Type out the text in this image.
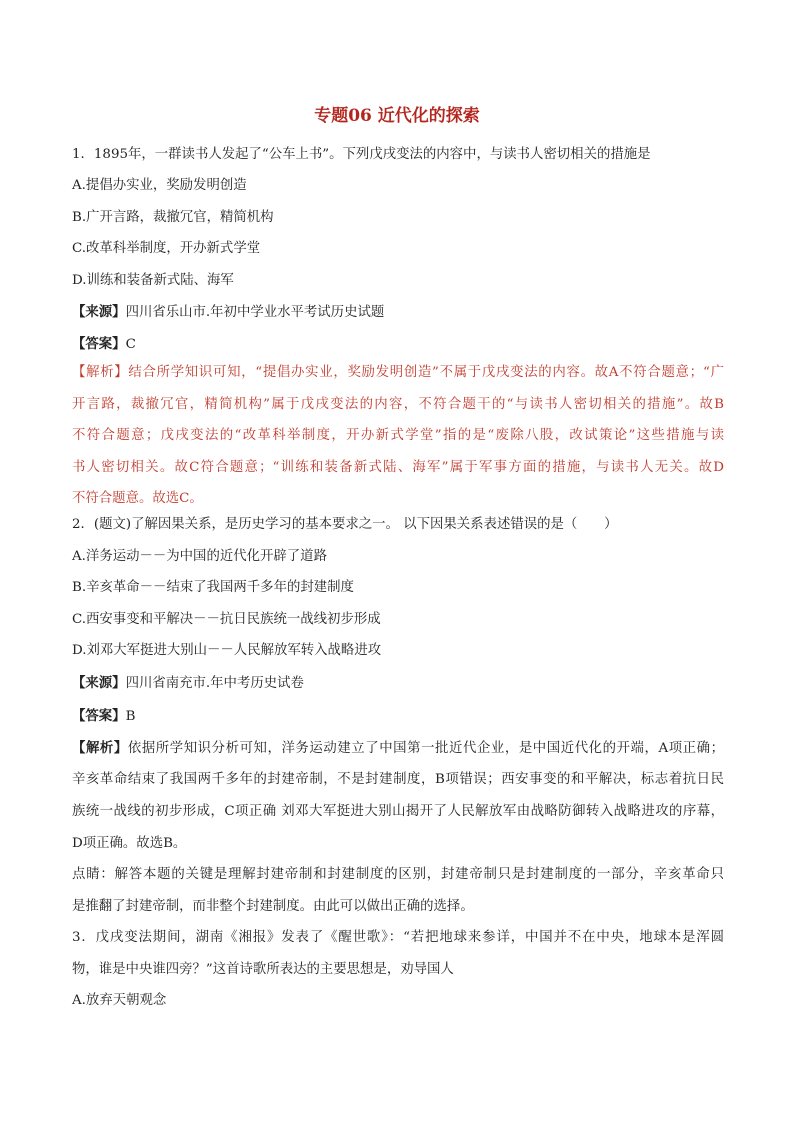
专题06 近代化的探索
1．1895年，一群读书人发起了“公车上书”。下列戊戌变法的内容中，与读书人密切相关的措施是
A.提倡办实业，奖励发明创造
B.广开言路，裁撤冗官，精简机构
C.改革科举制度，开办新式学堂
D.训练和装备新式陆、海军
【来源】四川省乐山市.年初中学业水平考试历史试题
【答案】C
【解析】结合所学知识可知，“提倡办实业，奖励发明创造”不属于戊戌变法的内容。故A不符合题意；“广
开言路，裁撤冗官，精简机构”属于戊戌变法的内容，不符合题干的“与读书人密切相关的措施”。故B
不符合题意；戊戌变法的“改革科举制度，开办新式学堂”指的是“废除八股，改试策论”这些措施与读
书人密切相关。故C符合题意；“训练和装备新式陆、海军”属于军事方面的措施，与读书人无关。故D
不符合题意。故选C。
2．(题文)了解因果关系，是历史学习的基本要求之一。 以下因果关系表述错误的是（　　）
A.洋务运动－－为中国的近代化开辟了道路
B.辛亥革命－－结束了我国两千多年的封建制度
C.西安事变和平解决－－抗日民族统一战线初步形成
D.刘邓大军挺进大别山－－人民解放军转入战略进攻
【来源】四川省南充市.年中考历史试卷
【答案】B
【解析】依据所学知识分析可知，洋务运动建立了中国第一批近代企业，是中国近代化的开端，A项正确；
辛亥革命结束了我国两千多年的封建帝制，不是封建制度，B项错误；西安事变的和平解决，标志着抗日民
族统一战线的初步形成，C项正确 刘邓大军挺进大别山揭开了人民解放军由战略防御转入战略进攻的序幕，
D项正确。故选B。
点睛：解答本题的关键是理解封建帝制和封建制度的区别，封建帝制只是封建制度的一部分，辛亥革命只
是推翻了封建帝制，而非整个封建制度。由此可以做出正确的选择。
3．戊戌变法期间，湖南《湘报》发表了《醒世歌》：“若把地球来参详，中国并不在中央，地球本是浑圆
物，谁是中央谁四旁？”这首诗歌所表达的主要思想是，劝导国人
A.放弃天朝观念
